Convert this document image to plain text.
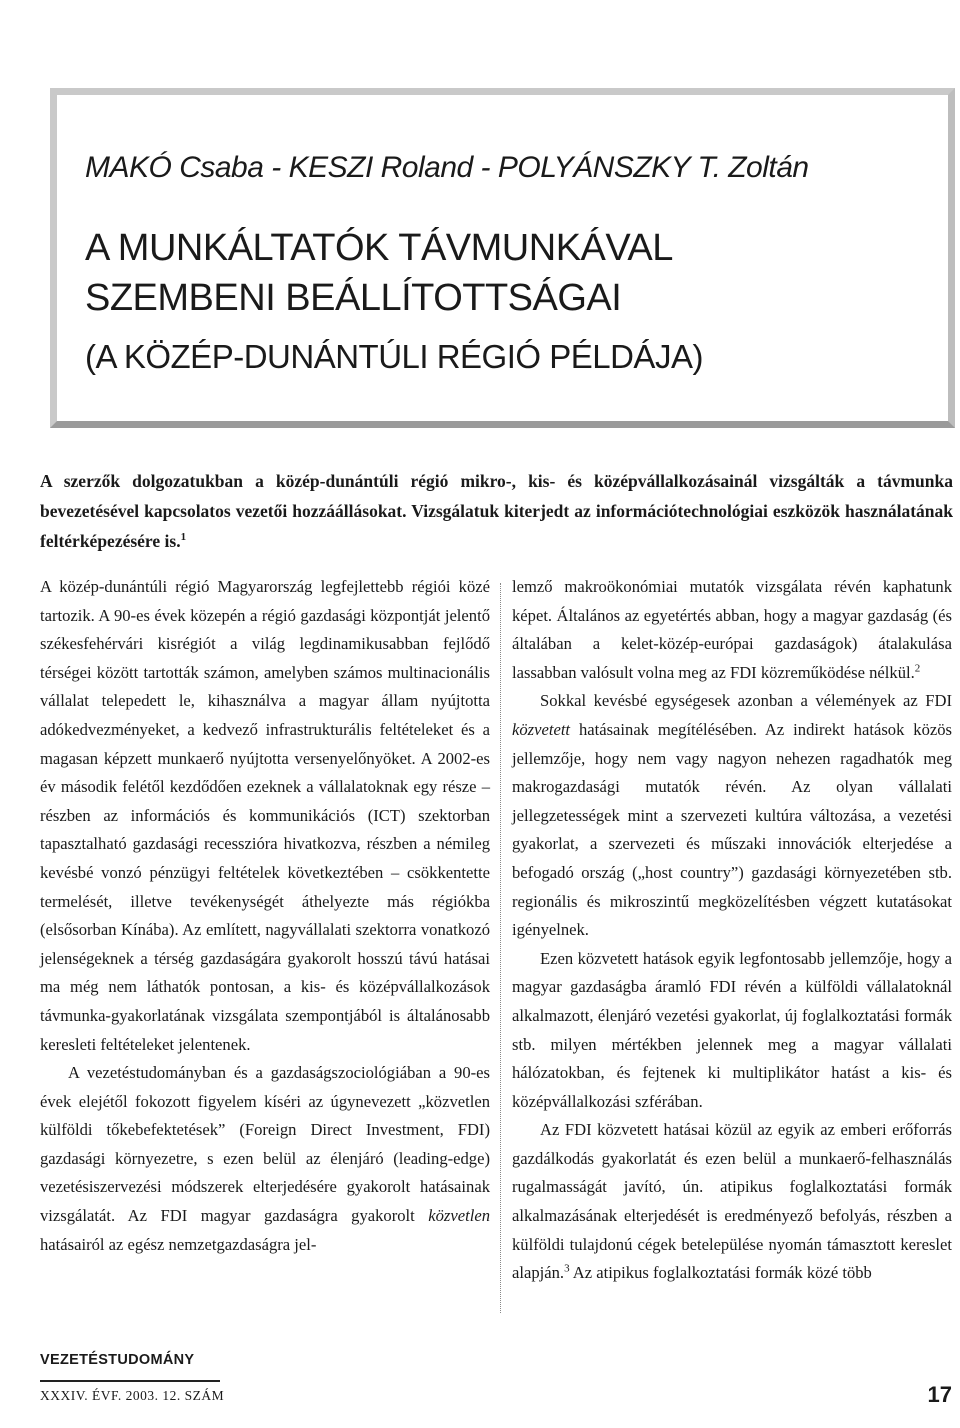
MAKÓ Csaba - KESZI Roland - POLYÁNSZKY T. Zoltán
A MUNKÁLTATÓK TÁVMUNKÁVAL
SZEMBENI BEÁLLÍTOTTSÁGAI
(A KÖZÉP-DUNÁNTÚLI RÉGIÓ PÉLDÁJA)

A szerzők dolgozatukban a közép-dunántúli régió mikro-, kis- és középvállalkozásainál vizsgálták a távmunka bevezetésével kapcsolatos vezetői hozzáállásokat. Vizsgálatuk kiterjedt az információtechnológiai eszközök használatának feltérképezésére is.$^1$

A közép-dunántúli régió Magyarország legfejlettebb régiói közé tartozik. A 90-es évek közepén a régió gazdasági központját jelentő székesfehérvári kisrégiót a világ legdinamikusabban fejlődő térségei között tartották számon, amelyben számos multinacionális vállalat telepedett le, kihasználva a magyar állam nyújtotta adókedvezményeket, a kedvező infrastrukturális feltételeket és a magasan képzett munkaerő nyújtotta versenyelőnyöket. A 2002-es év második felétől kezdődően ezeknek a vállalatoknak egy része – részben az információs és kommunikációs (ICT) szektorban tapasztalható gazdasági recesszióra hivatkozva, részben a némileg kevésbé vonzó pénzügyi feltételek következtében – csökkentette termelését, illetve tevékenységét áthelyezte más régiókba (elsősorban Kínába). Az említett, nagyvállalati szektorra vonatkozó jelenségeknek a térség gazdaságára gyakorolt hosszú távú hatásai ma még nem láthatók pontosan, a kis- és középvállalkozások távmunka-gyakorlatának vizsgálata szempontjából is általánosabb keresleti feltételeket jelentenek.

A vezetéstudományban és a gazdaságszociológiában a 90-es évek elejétől fokozott figyelem kíséri az úgynevezett „közvetlen külföldi tőkebefektetések” (Foreign Direct Investment, FDI) gazdasági környezetre, s ezen belül az élenjáró (leading-edge) vezetésiszervezési módszerek elterjedésére gyakorolt hatásainak vizsgálatát. Az FDI magyar gazdaságra gyakorolt közvetlen hatásairól az egész nemzetgazdaságra jel-

lemző makroökonómiai mutatók vizsgálata révén kaphatunk képet. Általános az egyetértés abban, hogy a magyar gazdaság (és általában a kelet-közép-európai gazdaságok) átalakulása lassabban valósult volna meg az FDI közreműködése nélkül.$^2$

Sokkal kevésbé egységesek azonban a vélemények az FDI közvetett hatásainak megítélésében. Az indirekt hatások közös jellemzője, hogy nem vagy nagyon nehezen ragadhatók meg makrogazdasági mutatók révén. Az olyan vállalati jellegzetességek mint a szervezeti kultúra változása, a vezetési gyakorlat, a szervezeti és műszaki innovációk elterjedése a befogadó ország („host country”) gazdasági környezetében stb. regionális és mikroszintű megközelítésben végzett kutatásokat igényelnek.

Ezen közvetett hatások egyik legfontosabb jellemzője, hogy a magyar gazdaságba áramló FDI révén a külföldi vállalatoknál alkalmazott, élenjáró vezetési gyakorlat, új foglalkoztatási formák stb. milyen mértékben jelennek meg a magyar vállalati hálózatokban, és fejtenek ki multiplikátor hatást a kis- és középvállalkozási szférában.

Az FDI közvetett hatásai közül az egyik az emberi erőforrás gazdálkodás gyakorlatát és ezen belül a munkaerő-felhasználás rugalmasságát javító, ún. atipikus foglalkoztatási formák alkalmazásának elterjedését is eredményező befolyás, részben a külföldi tulajdonú cégek betelepülése nyomán támasztott kereslet alapján.$^3$ Az atipikus foglalkoztatási formák közé több

VEZETÉSTUDOMÁNY

XXXIV. ÉVF. 2003. 12. SZÁM	17
